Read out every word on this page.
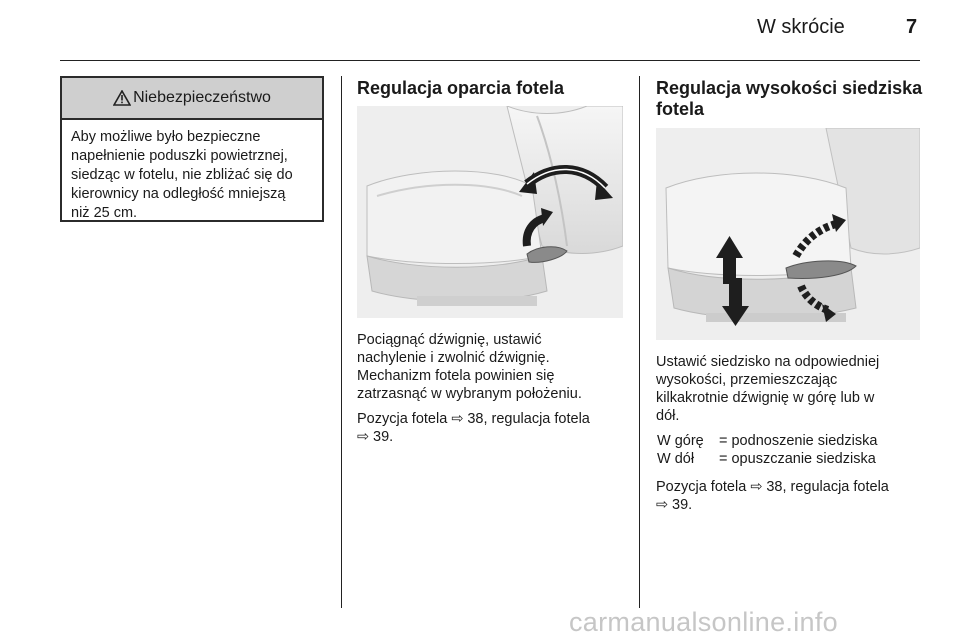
W skrócie	7
Niebezpieczeństwo
Aby możliwe było bezpieczne
napełnienie poduszki powietrznej,
siedząc w fotelu, nie zbliżać się do
kierownicy na odległość mniejszą
niż 25 cm.
Regulacja oparcia fotela
Pociągnąć dźwignię, ustawić
nachylenie i zwolnić dźwignię.
Mechanizm fotela powinien się
zatrzasnąć w wybranym położeniu.
Pozycja fotela ⇨ 38, regulacja fotela
⇨ 39.
Regulacja wysokości siedziska
fotela
Ustawić siedzisko na odpowiedniej
wysokości, przemieszczając
kilkakrotnie dźwignię w górę lub w
dół.
W górę	= podnoszenie siedziska
W dół	= opuszczanie siedziska
Pozycja fotela ⇨ 38, regulacja fotela
⇨ 39.
carmanualsonline.info
